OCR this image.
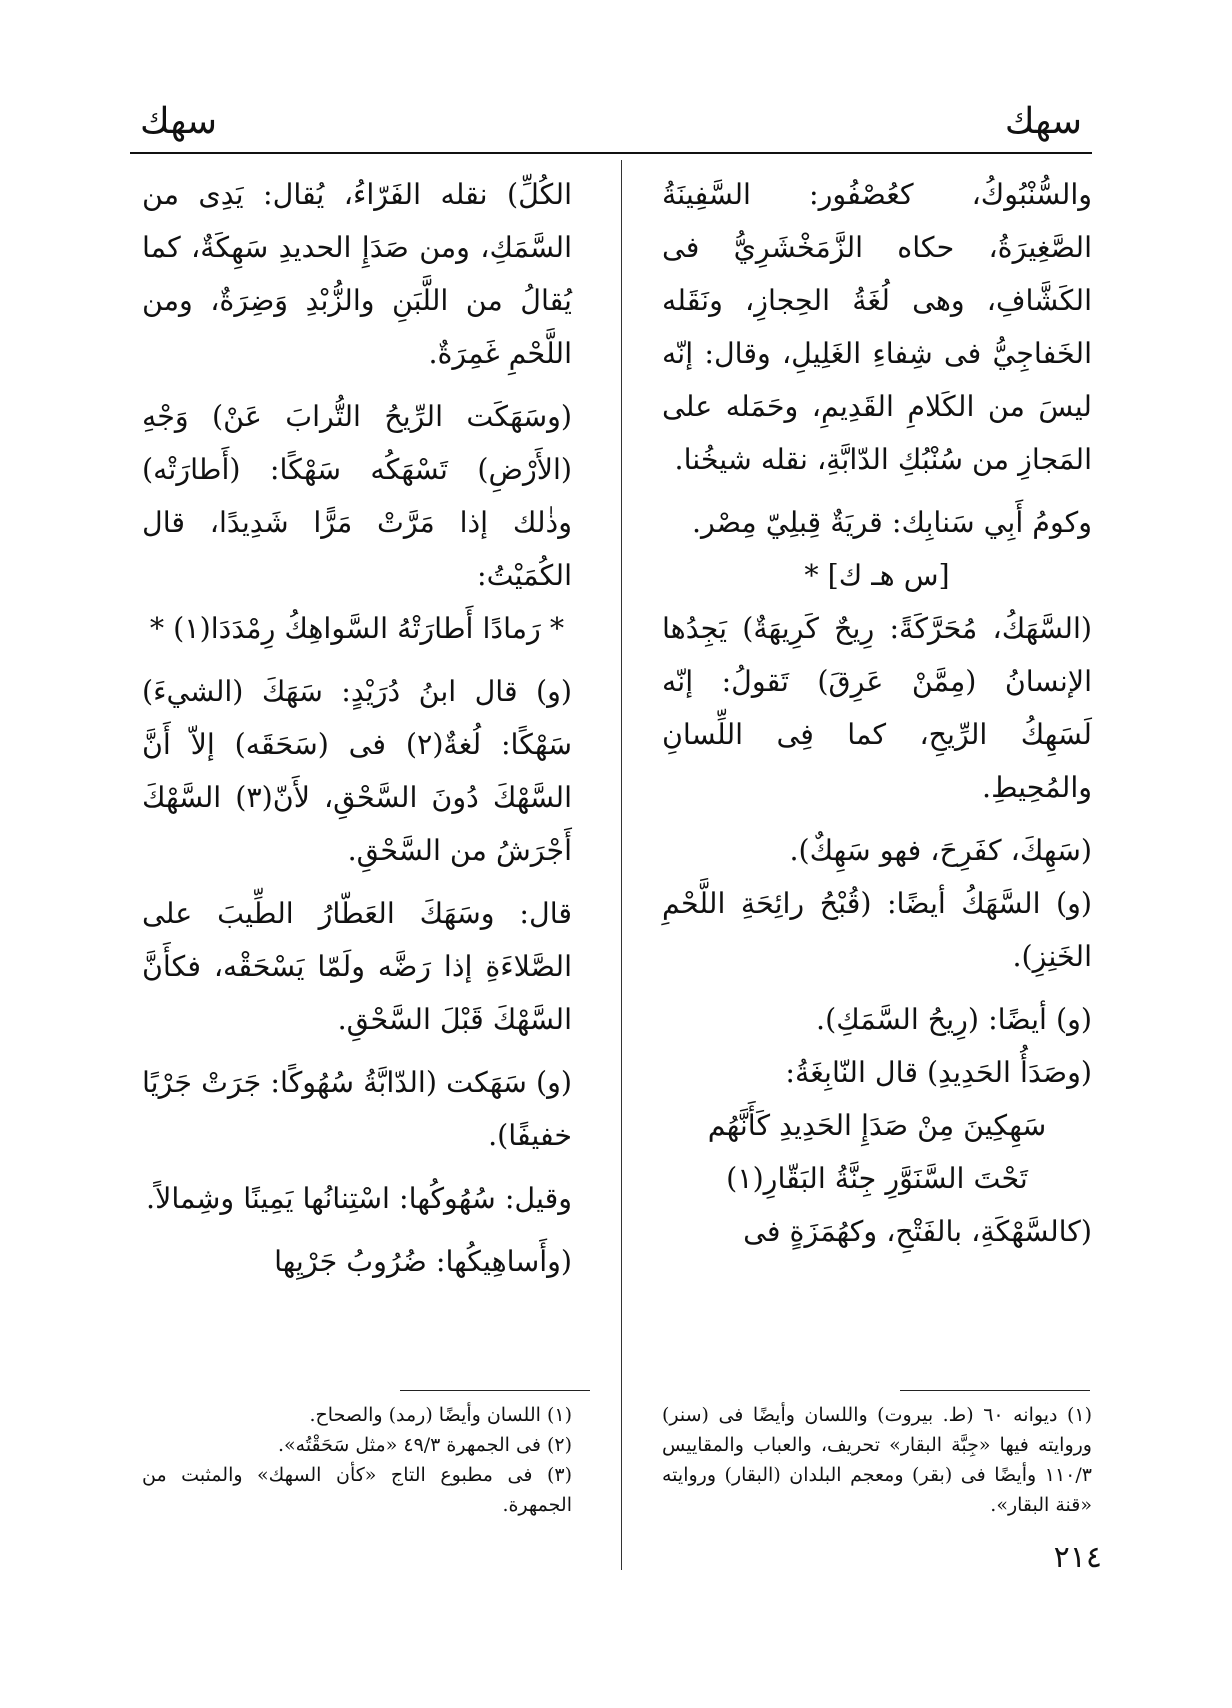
سهك
سهك

والسُّنْبُوكُ، كعُصْفُور: السَّفِينَةُ الصَّغِيرَةُ، حكاه الزَّمَخْشَرِيُّ فى الكَشَّافِ، وهى لُغَةُ الحِجازِ، ونَقَله الخَفاجِيُّ فى شِفاءِ الغَلِيلِ، وقال: إنّه ليسَ من الكَلامِ القَدِيمِ، وحَمَله على المَجازِ من سُنْبُكِ الدّابَّةِ، نقله شيخُنا.

وكومُ أَبِي سَنابِك: قريَةٌ قِبلِيّ مِصْر.

[س هـ ك] *

(السَّهَكُ، مُحَرَّكَةً: رِيحٌ كَرِيهَةٌ) يَجِدُها الإنسانُ (مِمَّنْ عَرِقَ) تَقولُ: إنّه لَسَهِكُ الرِّيحِ، كما فِى اللِّسانِ والمُحِيطِ.

(سَهِكَ، كفَرِحَ، فهو سَهِكٌ).

(و) السَّهَكُ أيضًا: (قُبْحُ رائِحَةِ اللَّحْمِ الخَنِزِ).

(و) أيضًا: (رِيحُ السَّمَكِ).

(وصَدَأُ الحَدِيدِ) قال النّابِغَةُ:

سَهِكِينَ مِنْ صَدَإِ الحَدِيدِ كَأَنَّهُم

تَحْتَ السَّنَوَّرِ جِنَّةُ البَقّارِ(١)

(كالسَّهْكَةِ، بالفَتْحِ، وكهُمَزَةٍ فى

الكُلِّ) نقله الفَرّاءُ، يُقال: يَدِى من السَّمَكِ، ومن صَدَإِ الحديدِ سَهِكَةٌ، كما يُقالُ من اللَّبَنِ والزُّبْدِ وَضِرَةٌ، ومن اللَّحْمِ غَمِرَةٌ.

(وسَهَكَت الرِّيحُ التُّرابَ عَنْ) وَجْهِ (الأَرْضِ) تَسْهَكُه سَهْكًا: (أَطارَتْه) وذٰلك إذا مَرَّتْ مَرًّا شَدِيدًا، قال الكُمَيْتُ:

* رَمادًا أَطارَتْهُ السَّواهِكُ رِمْدَدَا(١) *

(و) قال ابنُ دُرَيْدٍ: سَهَكَ (الشيءَ) سَهْكًا: لُغةٌ(٢) فى (سَحَقَه) إلاّ أَنَّ السَّهْكَ دُونَ السَّحْقِ، لأَنّ(٣) السَّهْكَ أَجْرَشُ من السَّحْقِ.

قال: وسَهَكَ العَطّارُ الطِّيبَ على الصَّلاءَةِ إذا رَضَّه ولَمّا يَسْحَقْه، فكأَنَّ السَّهْكَ قَبْلَ السَّحْقِ.

(و) سَهَكت (الدّابَّةُ سُهُوكًا: جَرَتْ جَرْيًا خفيفًا).

وقيل: سُهُوكُها: اسْتِنانُها يَمِينًا وشِمالاً.

(وأَساهِيكُها: ضُرُوبُ جَرْيِها

(١) ديوانه ٦٠ (ط. بيروت) واللسان وأيضًا فى (سنر) وروايته فيها «جِبَّة البقار» تحريف، والعباب والمقاييس ١١٠/٣ وأيضًا فى (بقر) ومعجم البلدان (البقار) وروايته «قنة البقار».

(١) اللسان وأيضًا (رمد) والصحاح.

(٢) فى الجمهرة ٤٩/٣ «مثل سَحَقْتُه».

(٣) فى مطبوع التاج «كأن السهك» والمثبت من الجمهرة.

٢١٤
